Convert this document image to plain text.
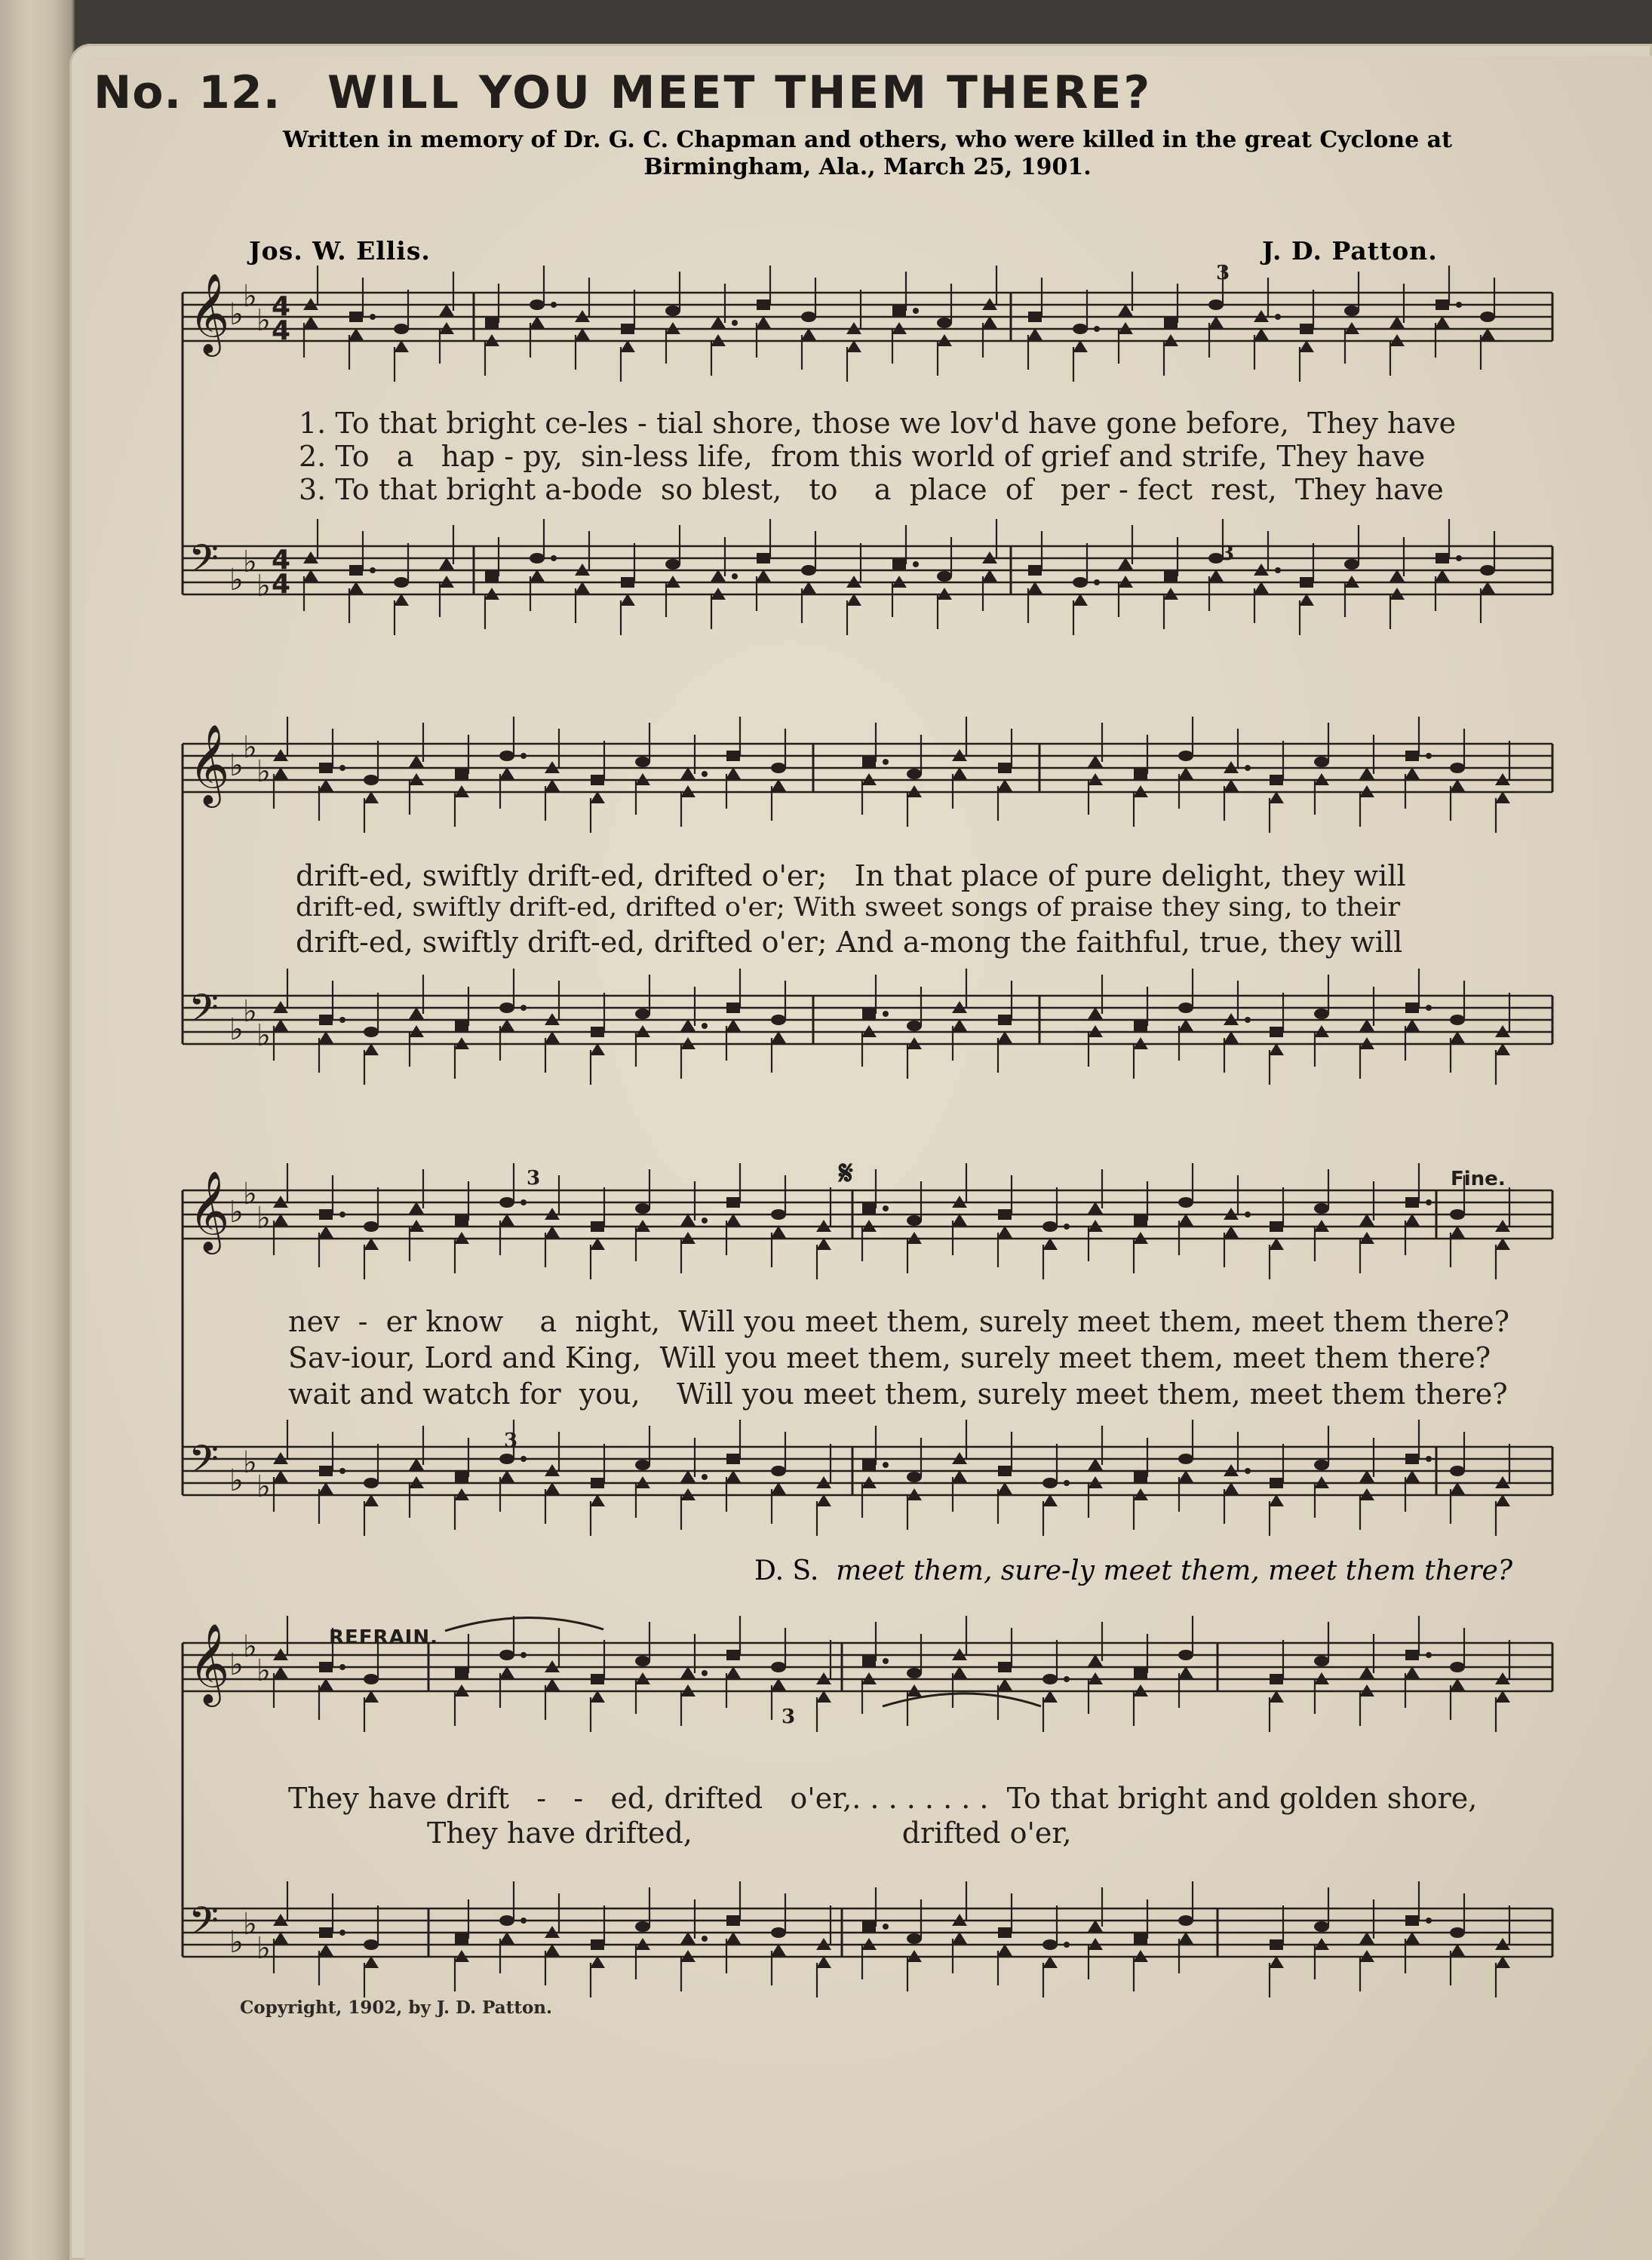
No. 12. WILL YOU MEET THEM THERE?
Written in memory of Dr. G. C. Chapman and others, who were killed in the great Cyclone at
Birmingham, Ala., March 25, 1901.
Jos. W. Ellis.	J. D. Patton.
𝄞 ♭
♭
♭ 4
4
𝄢 ♭
♭
♭
4
4
𝄞 ♭
♭
♭
𝄢 ♭
♭
♭
𝄞 ♭
♭
♭
𝄢 ♭
♭
♭
𝄞 ♭
♭
♭
𝄢 ♭
♭
♭
3
3
3
3
3
1. To that bright ce-les - tial shore, those we lov'd have gone before,  They have
2. To   a   hap - py,  sin-less life,  from this world of grief and strife, They have
3. To that bright a-bode  so blest,   to    a  place  of   per - fect  rest,  They have
drift-ed, swiftly drift-ed, drifted o'er;   In that place of pure delight, they will
drift-ed, swiftly drift-ed, drifted o'er; With sweet songs of praise they sing, to their
drift-ed, swiftly drift-ed, drifted o'er; And a-mong the faithful, true, they will
nev  -  er know    a  night,  Will you meet them, surely meet them, meet them there?
Sav-iour, Lord and King,  Will you meet them, surely meet them, meet them there?
wait and watch for  you,    Will you meet them, surely meet them, meet them there?
D. S. meet them, sure-ly meet them, meet them there?
They have drift   -   -   ed, drifted   o'er,. . . . . . . .  To that bright and golden shore,
They have drifted,                       drifted o'er,
𝄋	Fine.
REFRAIN.
Copyright, 1902, by J. D. Patton.
